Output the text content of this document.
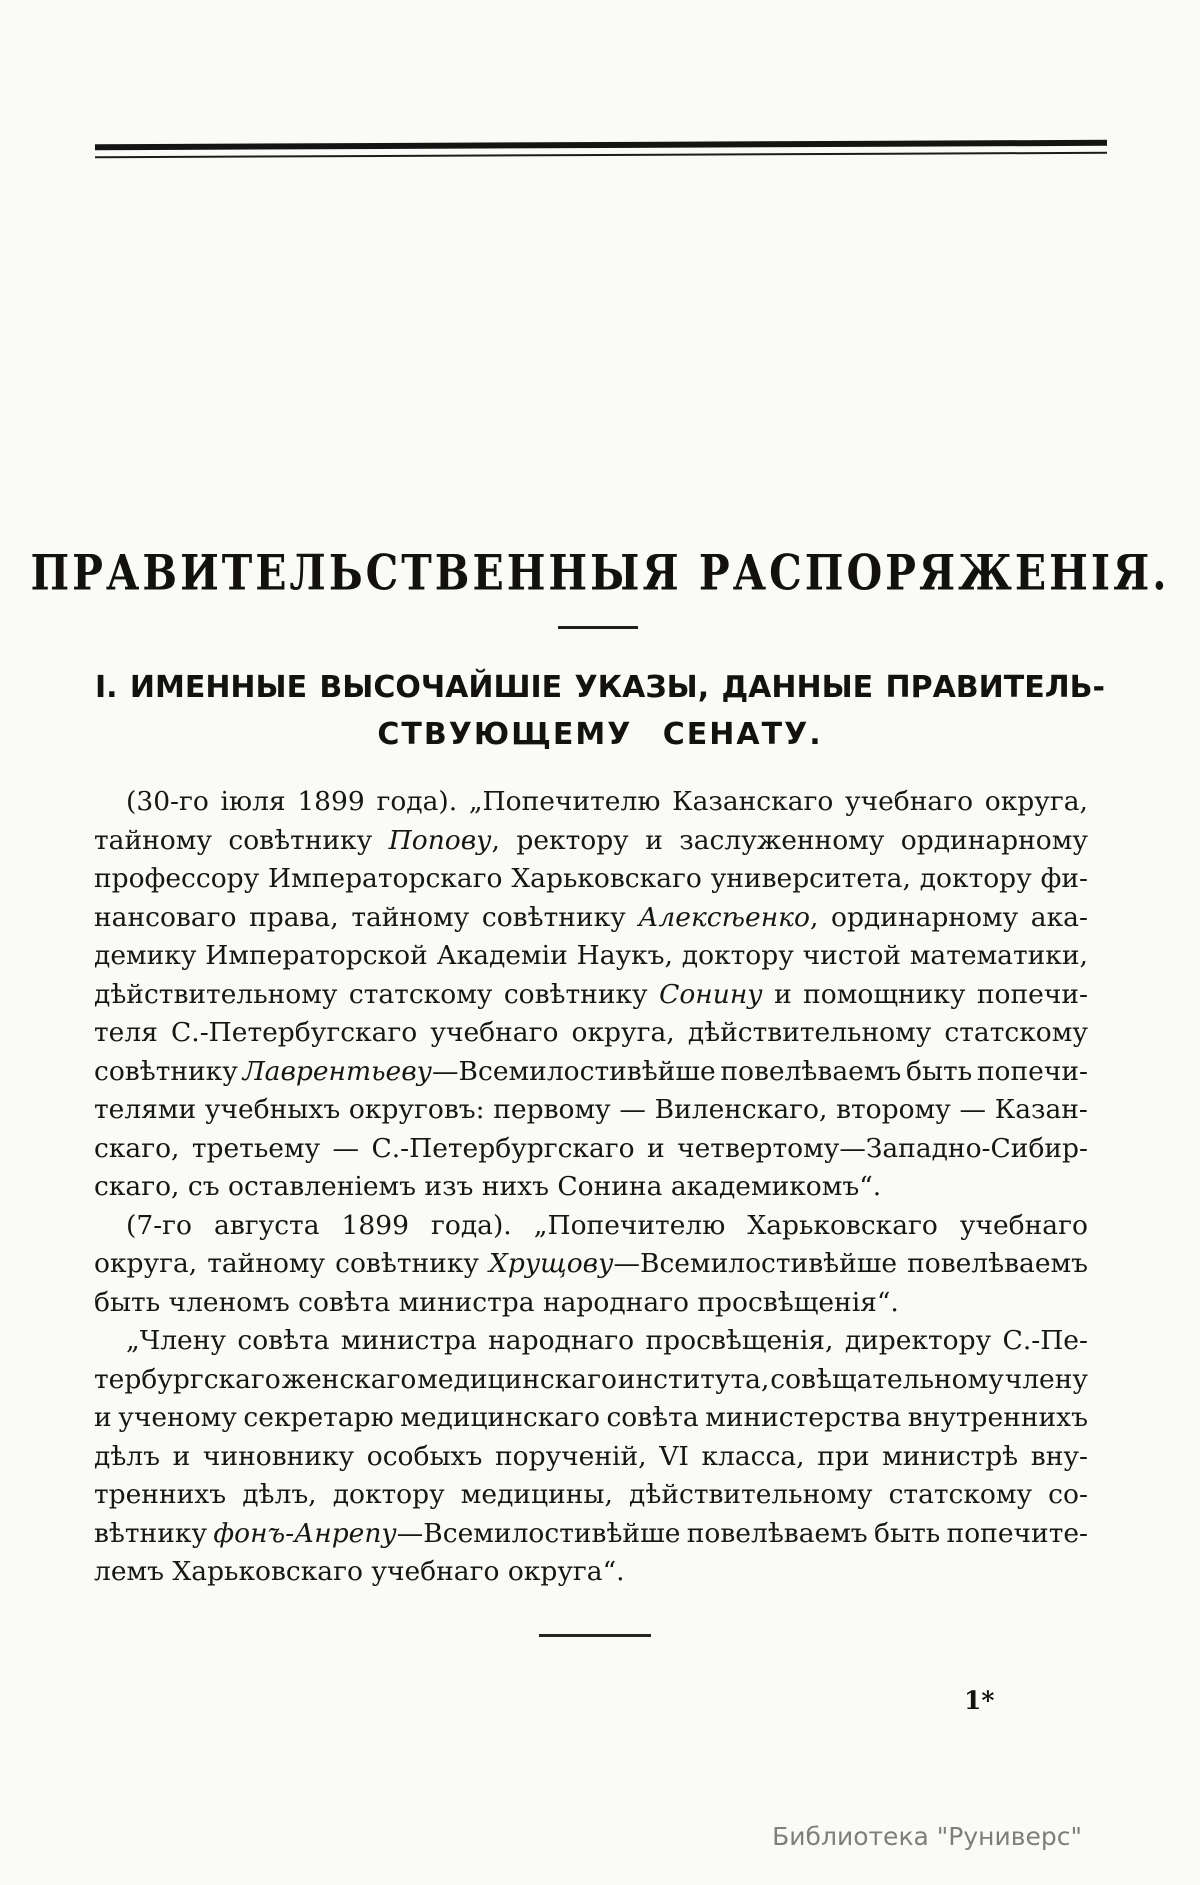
ПРАВИТЕЛЬСТВЕННЫЯ РАСПОРЯЖЕНІЯ.
І. ИМЕННЫЕ ВЫСОЧАЙШІЕ УКАЗЫ, ДАННЫЕ ПРАВИТЕЛЬ-
СТВУЮЩЕМУ СЕНАТУ.
(30-го іюля 1899 года). „Попечителю Казанскаго учебнаго округа,
тайному совѣтнику Попову, ректору и заслуженному ординарному
профессору Императорскаго Харьковскаго университета, доктору фи-
нансоваго права, тайному совѣтнику Алексѣенко, ординарному ака-
демику Императорской Академіи Наукъ, доктору чистой математики,
дѣйствительному статскому совѣтнику Сонину и помощнику попечи-
теля С.-Петербугскаго учебнаго округа, дѣйствительному статскому
совѣтнику Лаврентьеву—Всемилостивѣйше повелѣваемъ быть попечи-
телями учебныхъ округовъ: первому — Виленскаго, второму — Казан-
скаго, третьему — С.-Петербургскаго и четвертому—Западно-Сибир-
скаго, съ оставленіемъ изъ нихъ Сонина академикомъ“.
(7-го августа 1899 года). „Попечителю Харьковскаго учебнаго
округа, тайному совѣтнику Хрущову—Всемилостивѣйше повелѣваемъ
быть членомъ совѣта министра народнаго просвѣщенія“.
„Члену совѣта министра народнаго просвѣщенія, директору С.-Пе-
тербургскаго женскаго медицинскаго института, совѣщательному члену
и ученому секретарю медицинскаго совѣта министерства внутреннихъ
дѣлъ и чиновнику особыхъ порученій, VI класса, при министрѣ вну-
треннихъ дѣлъ, доктору медицины, дѣйствительному статскому со-
вѣтнику фонъ-Анрепу—Всемилостивѣйше повелѣваемъ быть попечите-
лемъ Харьковскаго учебнаго округа“.
1*
Библиотека "Руниверс"
